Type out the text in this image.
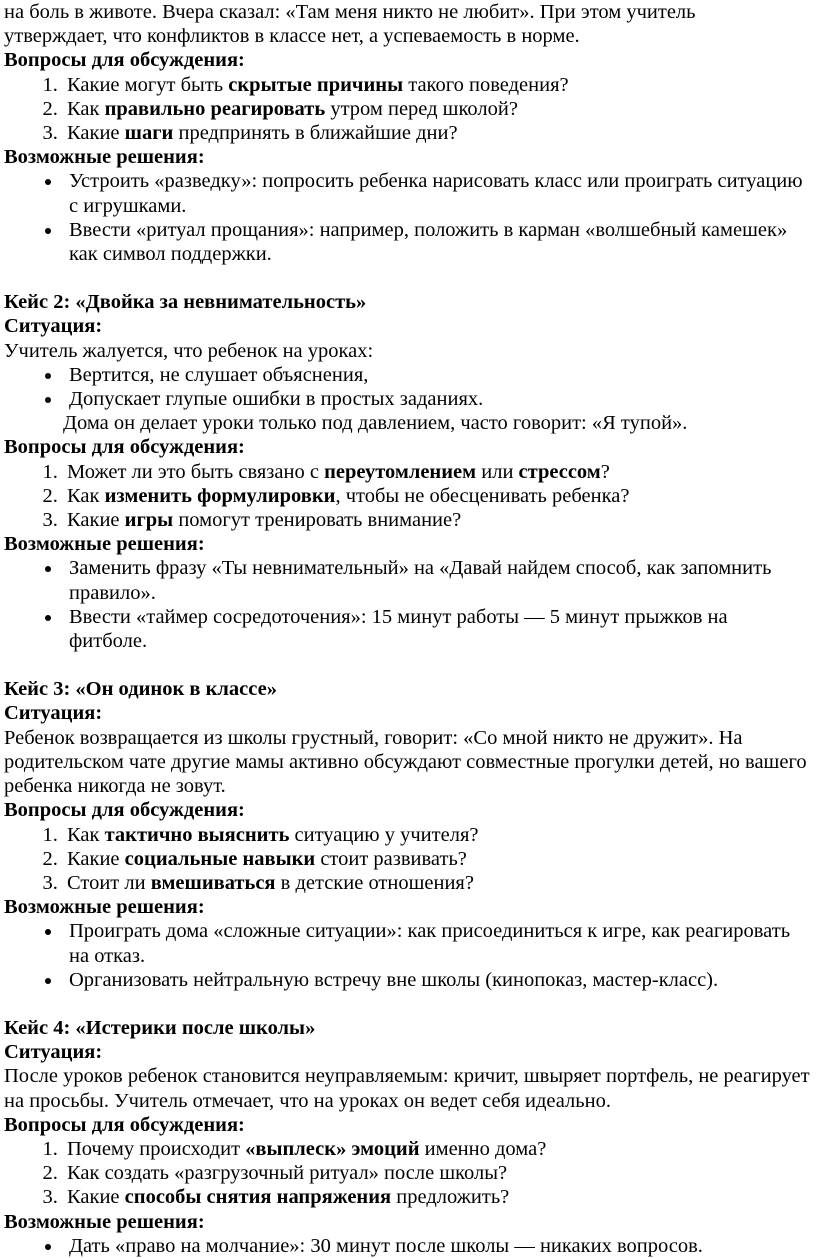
на боль в животе. Вчера сказал: «Там меня никто не любит». При этом учитель

утверждает, что конфликтов в классе нет, а успеваемость в норме.

Вопросы для обсуждения:

1. Какие могут быть скрытые причины такого поведения?
2. Как правильно реагировать утром перед школой?
3. Какие шаги предпринять в ближайшие дни?

Возможные решения:

• Устроить «разведку»: попросить ребенка нарисовать класс или проиграть ситуацию с игрушками.
• Ввести «ритуал прощания»: например, положить в карман «волшебный камешек» как символ поддержки.

Кейс 2: «Двойка за невнимательность»

Ситуация:

Учитель жалуется, что ребенок на уроках:

• Вертится, не слушает объяснения,
• Допускает глупые ошибки в простых заданиях.

Дома он делает уроки только под давлением, часто говорит: «Я тупой».

Вопросы для обсуждения:

1. Может ли это быть связано с переутомлением или стрессом?
2. Как изменить формулировки, чтобы не обесценивать ребенка?
3. Какие игры помогут тренировать внимание?

Возможные решения:

• Заменить фразу «Ты невнимательный» на «Давай найдем способ, как запомнить правило».
• Ввести «таймер сосредоточения»: 15 минут работы — 5 минут прыжков на фитболе.

Кейс 3: «Он одинок в классе»

Ситуация:

Ребенок возвращается из школы грустный, говорит: «Со мной никто не дружит». На родительском чате другие мамы активно обсуждают совместные прогулки детей, но вашего ребенка никогда не зовут.

Вопросы для обсуждения:

1. Как тактично выяснить ситуацию у учителя?
2. Какие социальные навыки стоит развивать?
3. Стоит ли вмешиваться в детские отношения?

Возможные решения:

• Проиграть дома «сложные ситуации»: как присоединиться к игре, как реагировать на отказ.
• Организовать нейтральную встречу вне школы (кинопоказ, мастер-класс).

Кейс 4: «Истерики после школы»

Ситуация:

После уроков ребенок становится неуправляемым: кричит, швыряет портфель, не реагирует на просьбы. Учитель отмечает, что на уроках он ведет себя идеально.

Вопросы для обсуждения:

1. Почему происходит «выплеск» эмоций именно дома?
2. Как создать «разгрузочный ритуал» после школы?
3. Какие способы снятия напряжения предложить?

Возможные решения:

• Дать «право на молчание»: 30 минут после школы — никаких вопросов.
